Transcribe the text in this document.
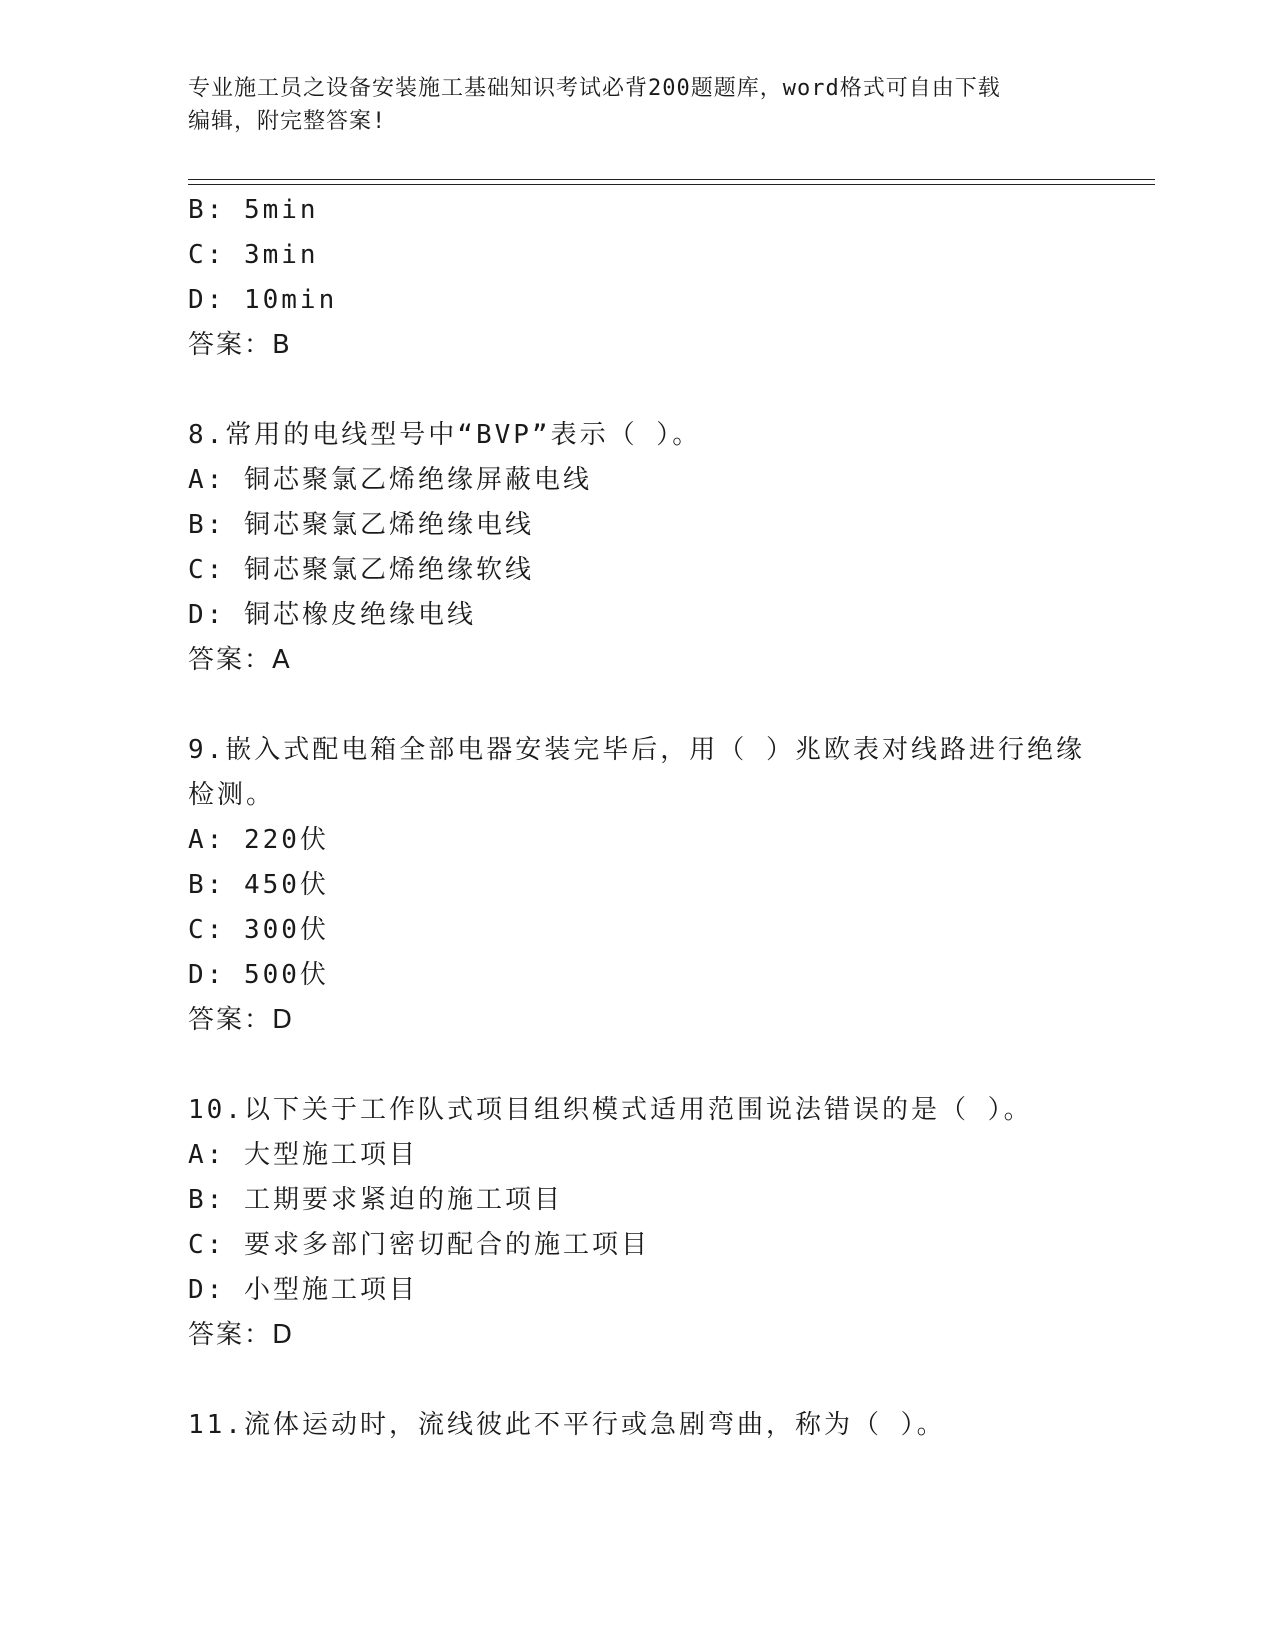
专业施工员之设备安装施工基础知识考试必背200题题库，word格式可自由下载
编辑，附完整答案!
B: 5min
C: 3min
D: 10min
答案：B
8.常用的电线型号中“BVP”表示（ ）。
A: 铜芯聚氯乙烯绝缘屏蔽电线
B: 铜芯聚氯乙烯绝缘电线
C: 铜芯聚氯乙烯绝缘软线
D: 铜芯橡皮绝缘电线
答案：A
9.嵌入式配电箱全部电器安装完毕后，用（ ）兆欧表对线路进行绝缘
检测。
A: 220伏
B: 450伏
C: 300伏
D: 500伏
答案：D
10.以下关于工作队式项目组织模式适用范围说法错误的是（ ）。
A: 大型施工项目
B: 工期要求紧迫的施工项目
C: 要求多部门密切配合的施工项目
D: 小型施工项目
答案：D
11.流体运动时，流线彼此不平行或急剧弯曲，称为（ ）。
